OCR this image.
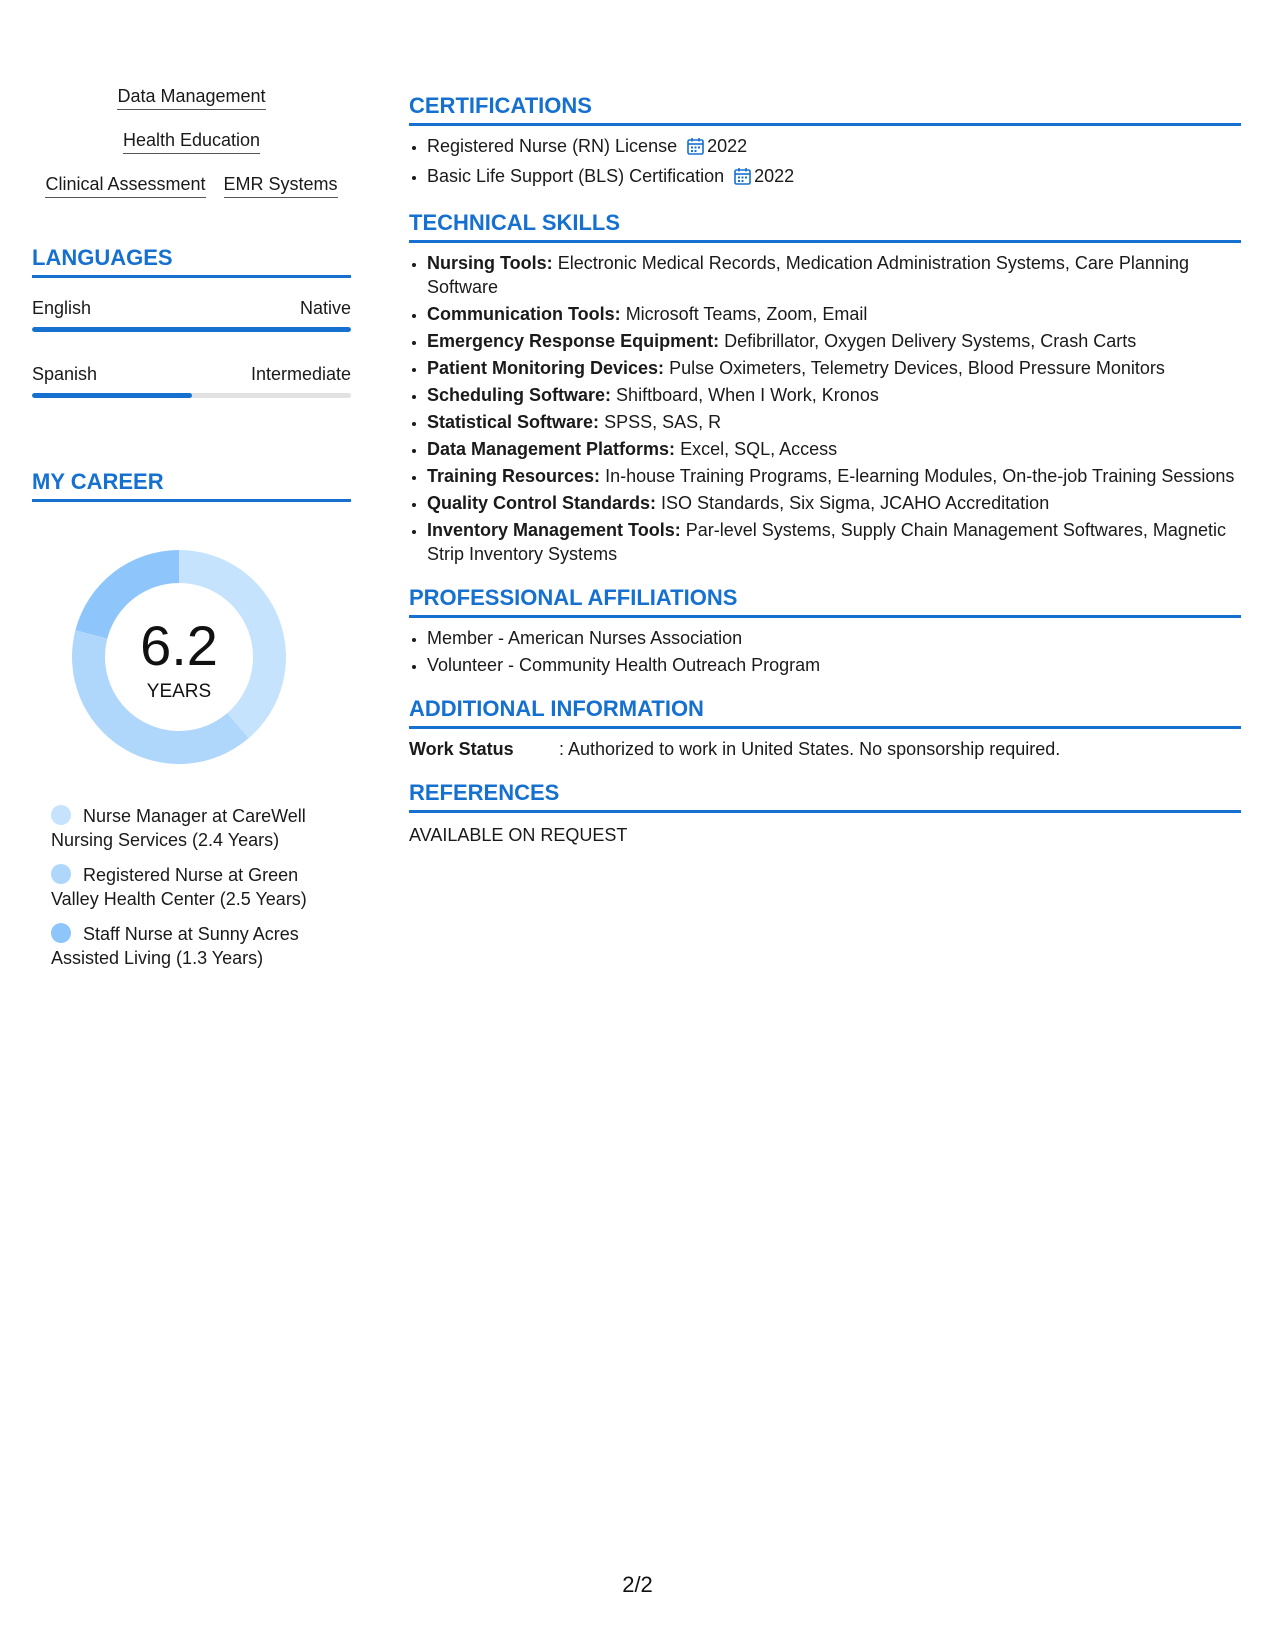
Data Management
Health Education
Clinical Assessment EMR Systems
LANGUAGES
English	Native
Spanish	Intermediate
MY CAREER
6.2
YEARS
Nurse Manager at CareWell Nursing Services (2.4 Years)
Registered Nurse at Green Valley Health Center (2.5 Years)
Staff Nurse at Sunny Acres Assisted Living (1.3 Years)
CERTIFICATIONS
• Registered Nurse (RN) License 2022
• Basic Life Support (BLS) Certification 2022
TECHNICAL SKILLS
• Nursing Tools: Electronic Medical Records, Medication Administration Systems, Care Planning Software
• Communication Tools: Microsoft Teams, Zoom, Email
• Emergency Response Equipment: Defibrillator, Oxygen Delivery Systems, Crash Carts
• Patient Monitoring Devices: Pulse Oximeters, Telemetry Devices, Blood Pressure Monitors
• Scheduling Software: Shiftboard, When I Work, Kronos
• Statistical Software: SPSS, SAS, R
• Data Management Platforms: Excel, SQL, Access
• Training Resources: In-house Training Programs, E-learning Modules, On-the-job Training Sessions
• Quality Control Standards: ISO Standards, Six Sigma, JCAHO Accreditation
• Inventory Management Tools: Par-level Systems, Supply Chain Management Softwares, Magnetic Strip Inventory Systems
PROFESSIONAL AFFILIATIONS
• Member - American Nurses Association
• Volunteer - Community Health Outreach Program
ADDITIONAL INFORMATION
Work Status	: Authorized to work in United States. No sponsorship required.
REFERENCES
AVAILABLE ON REQUEST
2/2
